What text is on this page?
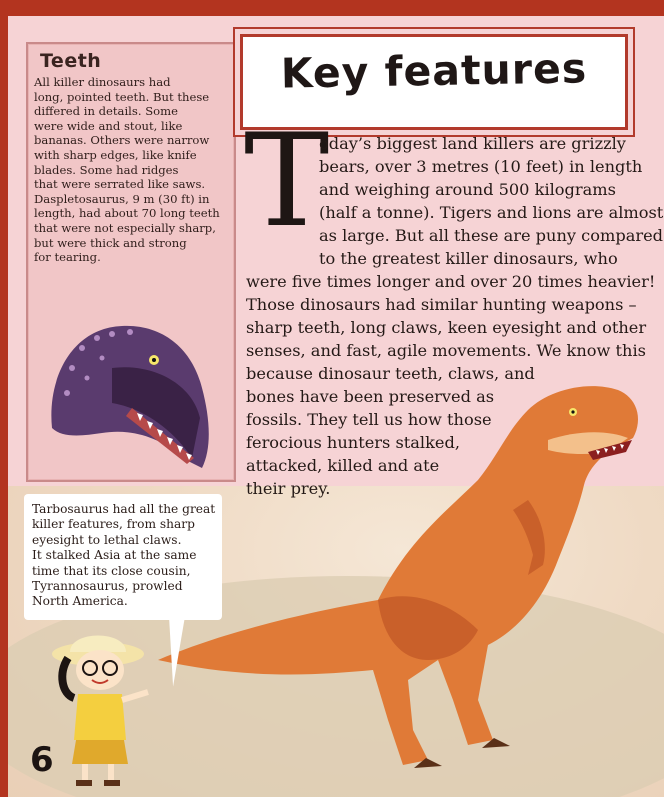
Teeth

All killer dinosaurs had
long, pointed teeth. But these
differed in details. Some
were wide and stout, like
bananas. Others were narrow
with sharp edges, like knife
blades. Some had ridges
that were serrated like saws.
Daspletosaurus, 9 m (30 ft) in
length, had about 70 long teeth
that were not especially sharp,
but were thick and strong
for tearing.

Key features
T

oday’s biggest land killers are grizzly

bears, over 3 metres (10 feet) in length

and weighing around 500 kilograms

(half a tonne). Tigers and lions are almost

as large. But all these are puny compared

to the greatest killer dinosaurs, who

were five times longer and over 20 times heavier!

Those dinosaurs had similar hunting weapons –

sharp teeth, long claws, keen eyesight and other

senses, and fast, agile movements. We know this

because dinosaur teeth, claws, and

bones have been preserved as

fossils. They tell us how those

ferocious hunters stalked,

attacked, killed and ate

their prey.

Tarbosaurus had all the great
killer features, from sharp
eyesight to lethal claws.
It stalked Asia at the same
time that its close cousin,
Tyrannosaurus, prowled
North America.

6
